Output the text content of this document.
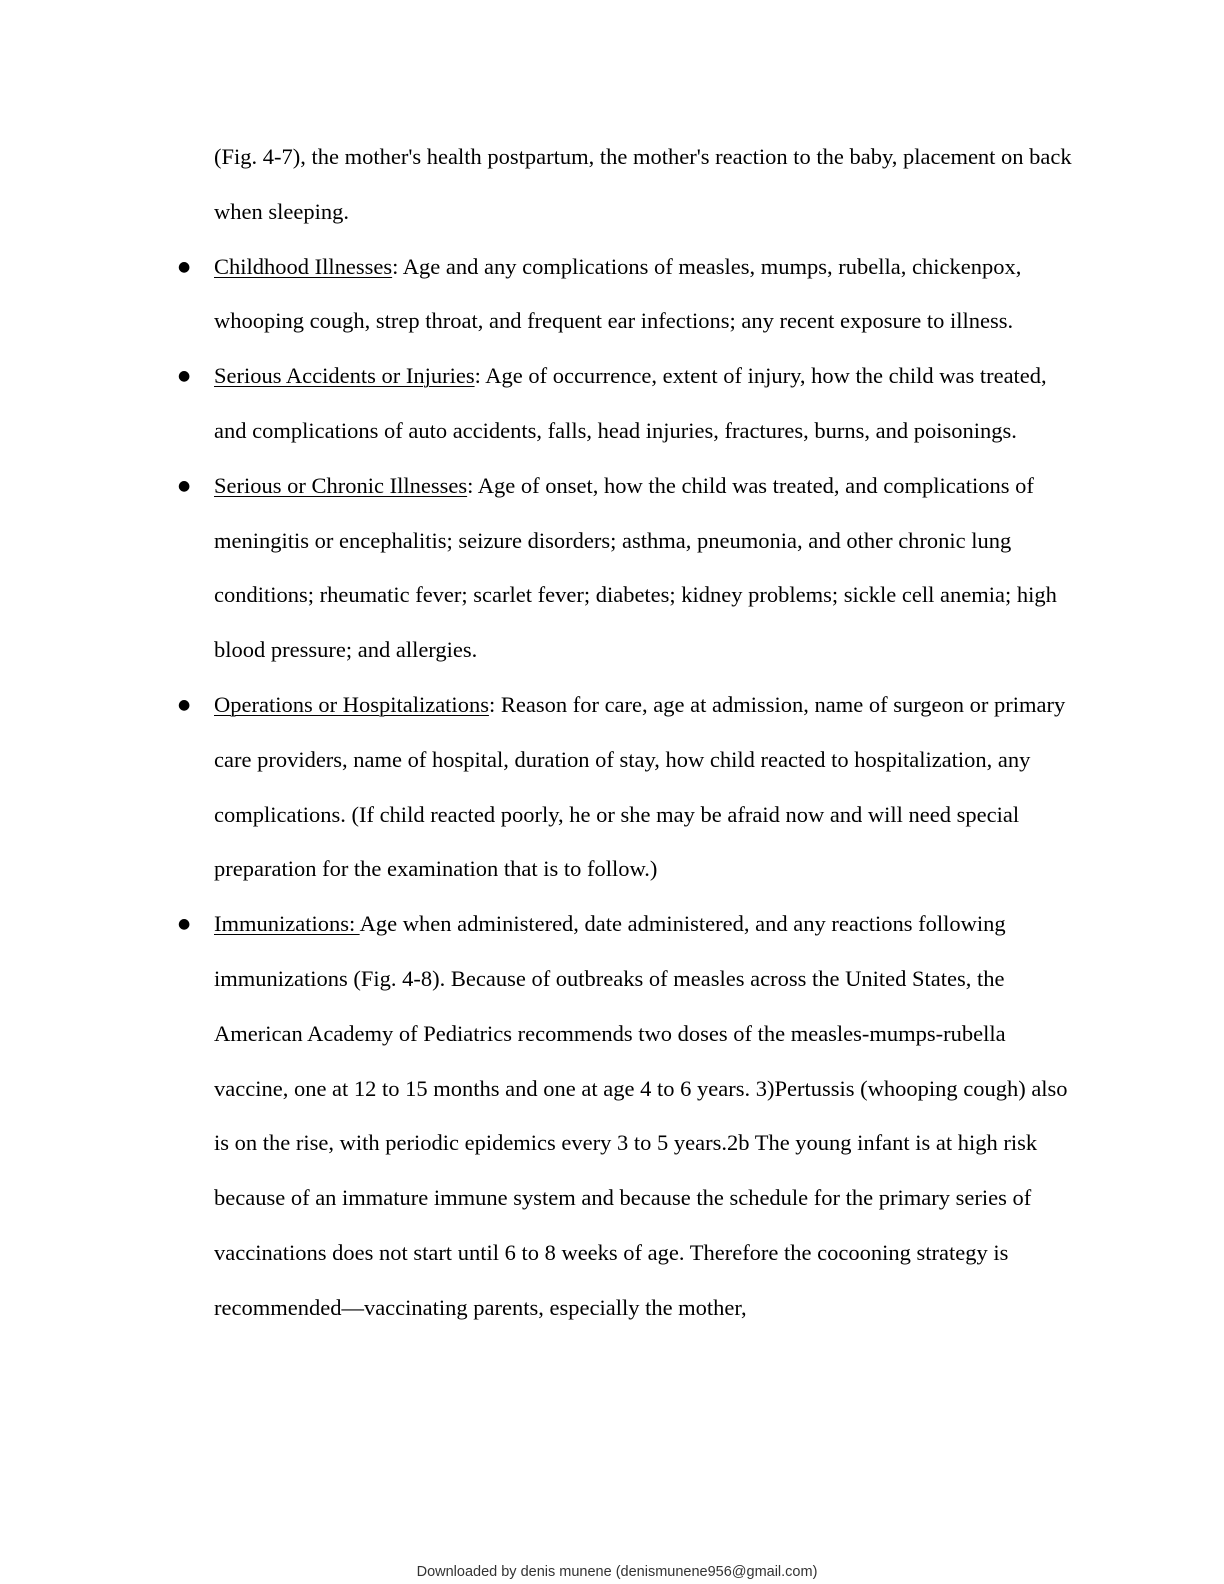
(Fig. 4-7), the mother's health postpartum, the mother's reaction to the baby, placement on back when sleeping.

● Childhood Illnesses: Age and any complications of measles, mumps, rubella, chickenpox, whooping cough, strep throat, and frequent ear infections; any recent exposure to illness.
● Serious Accidents or Injuries: Age of occurrence, extent of injury, how the child was treated, and complications of auto accidents, falls, head injuries, fractures, burns, and poisonings.
● Serious or Chronic Illnesses: Age of onset, how the child was treated, and complications of meningitis or encephalitis; seizure disorders; asthma, pneumonia, and other chronic lung conditions; rheumatic fever; scarlet fever; diabetes; kidney problems; sickle cell anemia; high blood pressure; and allergies.
● Operations or Hospitalizations: Reason for care, age at admission, name of surgeon or primary care providers, name of hospital, duration of stay, how child reacted to hospitalization, any complications. (If child reacted poorly, he or she may be afraid now and will need special preparation for the examination that is to follow.)
● Immunizations: Age when administered, date administered, and any reactions following immunizations (Fig. 4-8). Because of outbreaks of measles across the United States, the American Academy of Pediatrics recommends two doses of the measles-mumps-rubella vaccine, one at 12 to 15 months and one at age 4 to 6 years. 3)Pertussis (whooping cough) also is on the rise, with periodic epidemics every 3 to 5 years.2b The young infant is at high risk because of an immature immune system and because the schedule for the primary series of vaccinations does not start until 6 to 8 weeks of age. Therefore the cocooning strategy is recommended—vaccinating parents, especially the mother,
Downloaded by denis munene (denismunene956@gmail.com)
